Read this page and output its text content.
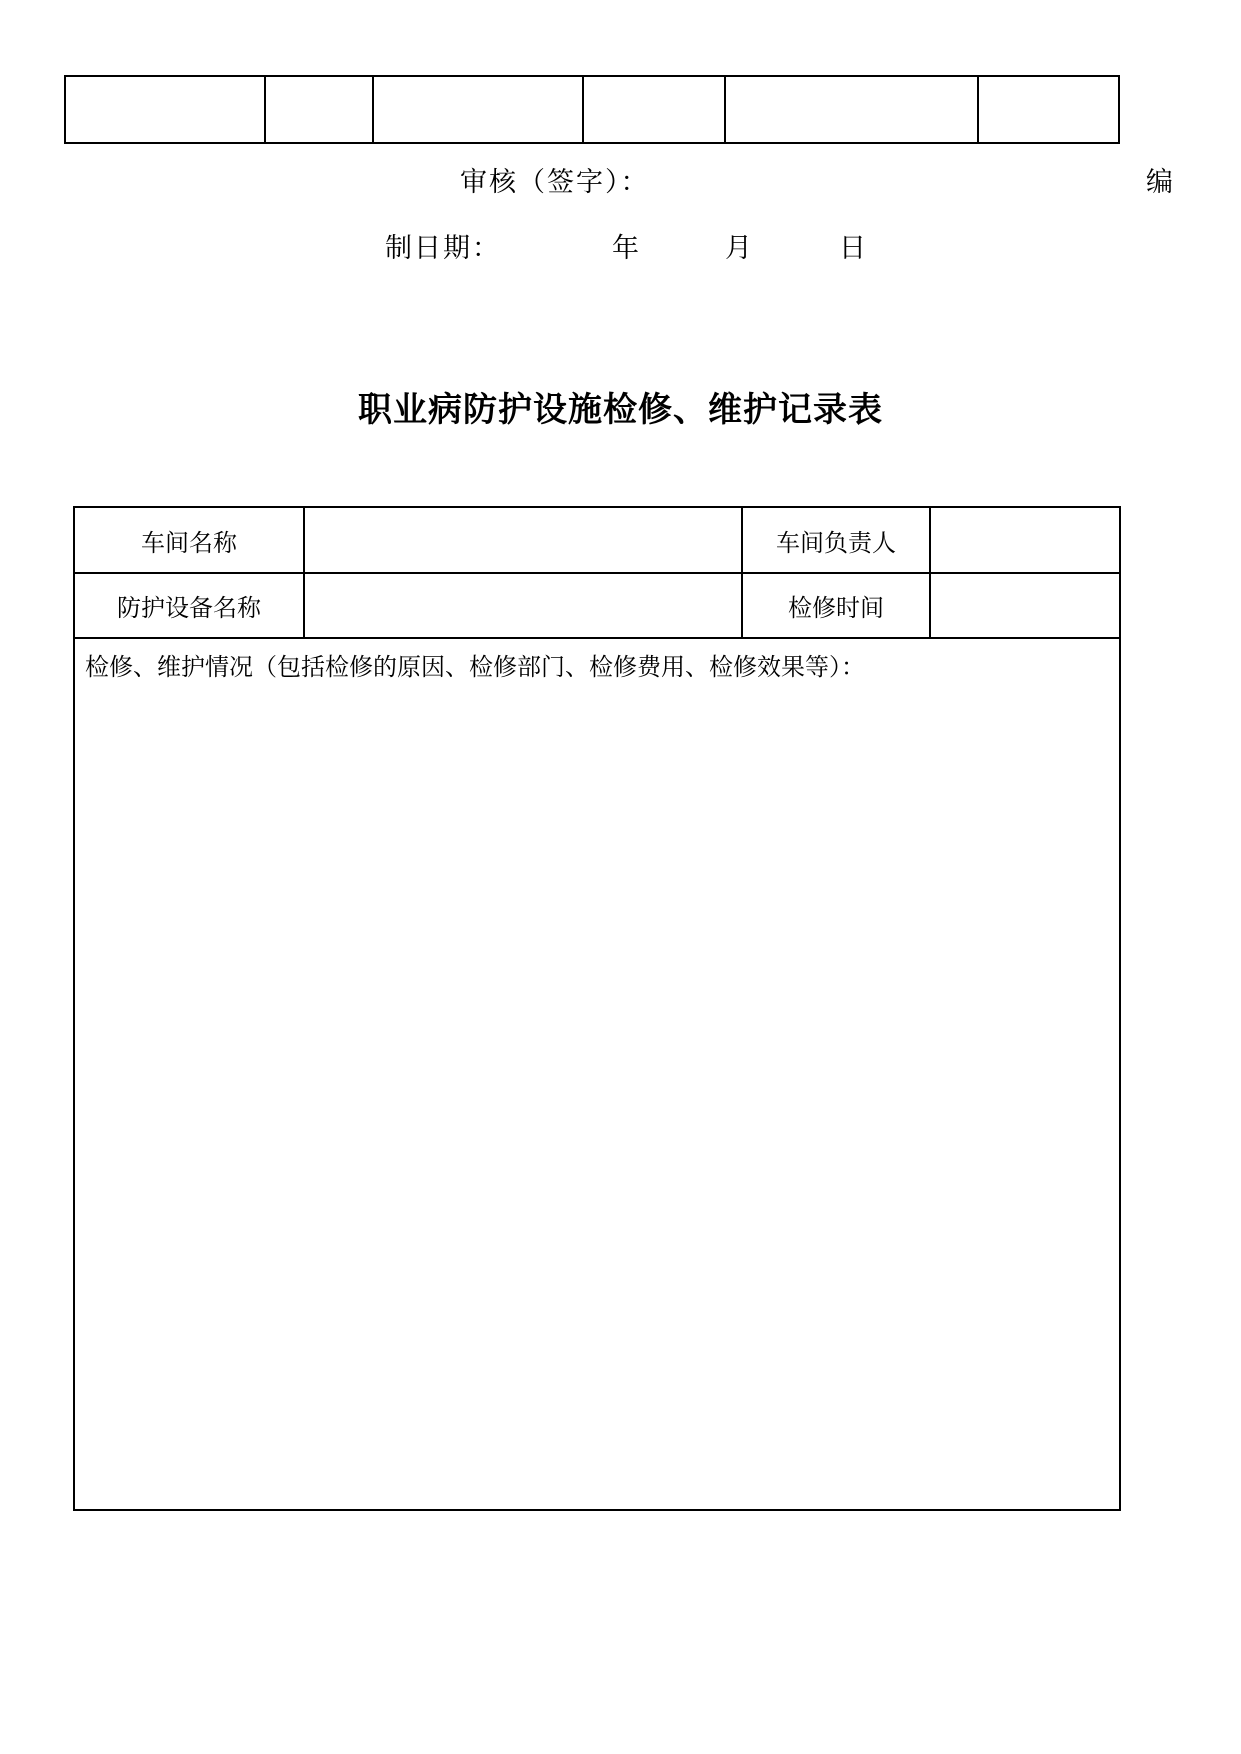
审核（签字）：	编
制日期：	年	月	日
职业病防护设施检修、维护记录表
车间名称		车间负责人	
防护设备名称		检修时间	
检修、维护情况（包括检修的原因、检修部门、检修费用、检修效果等）：			
